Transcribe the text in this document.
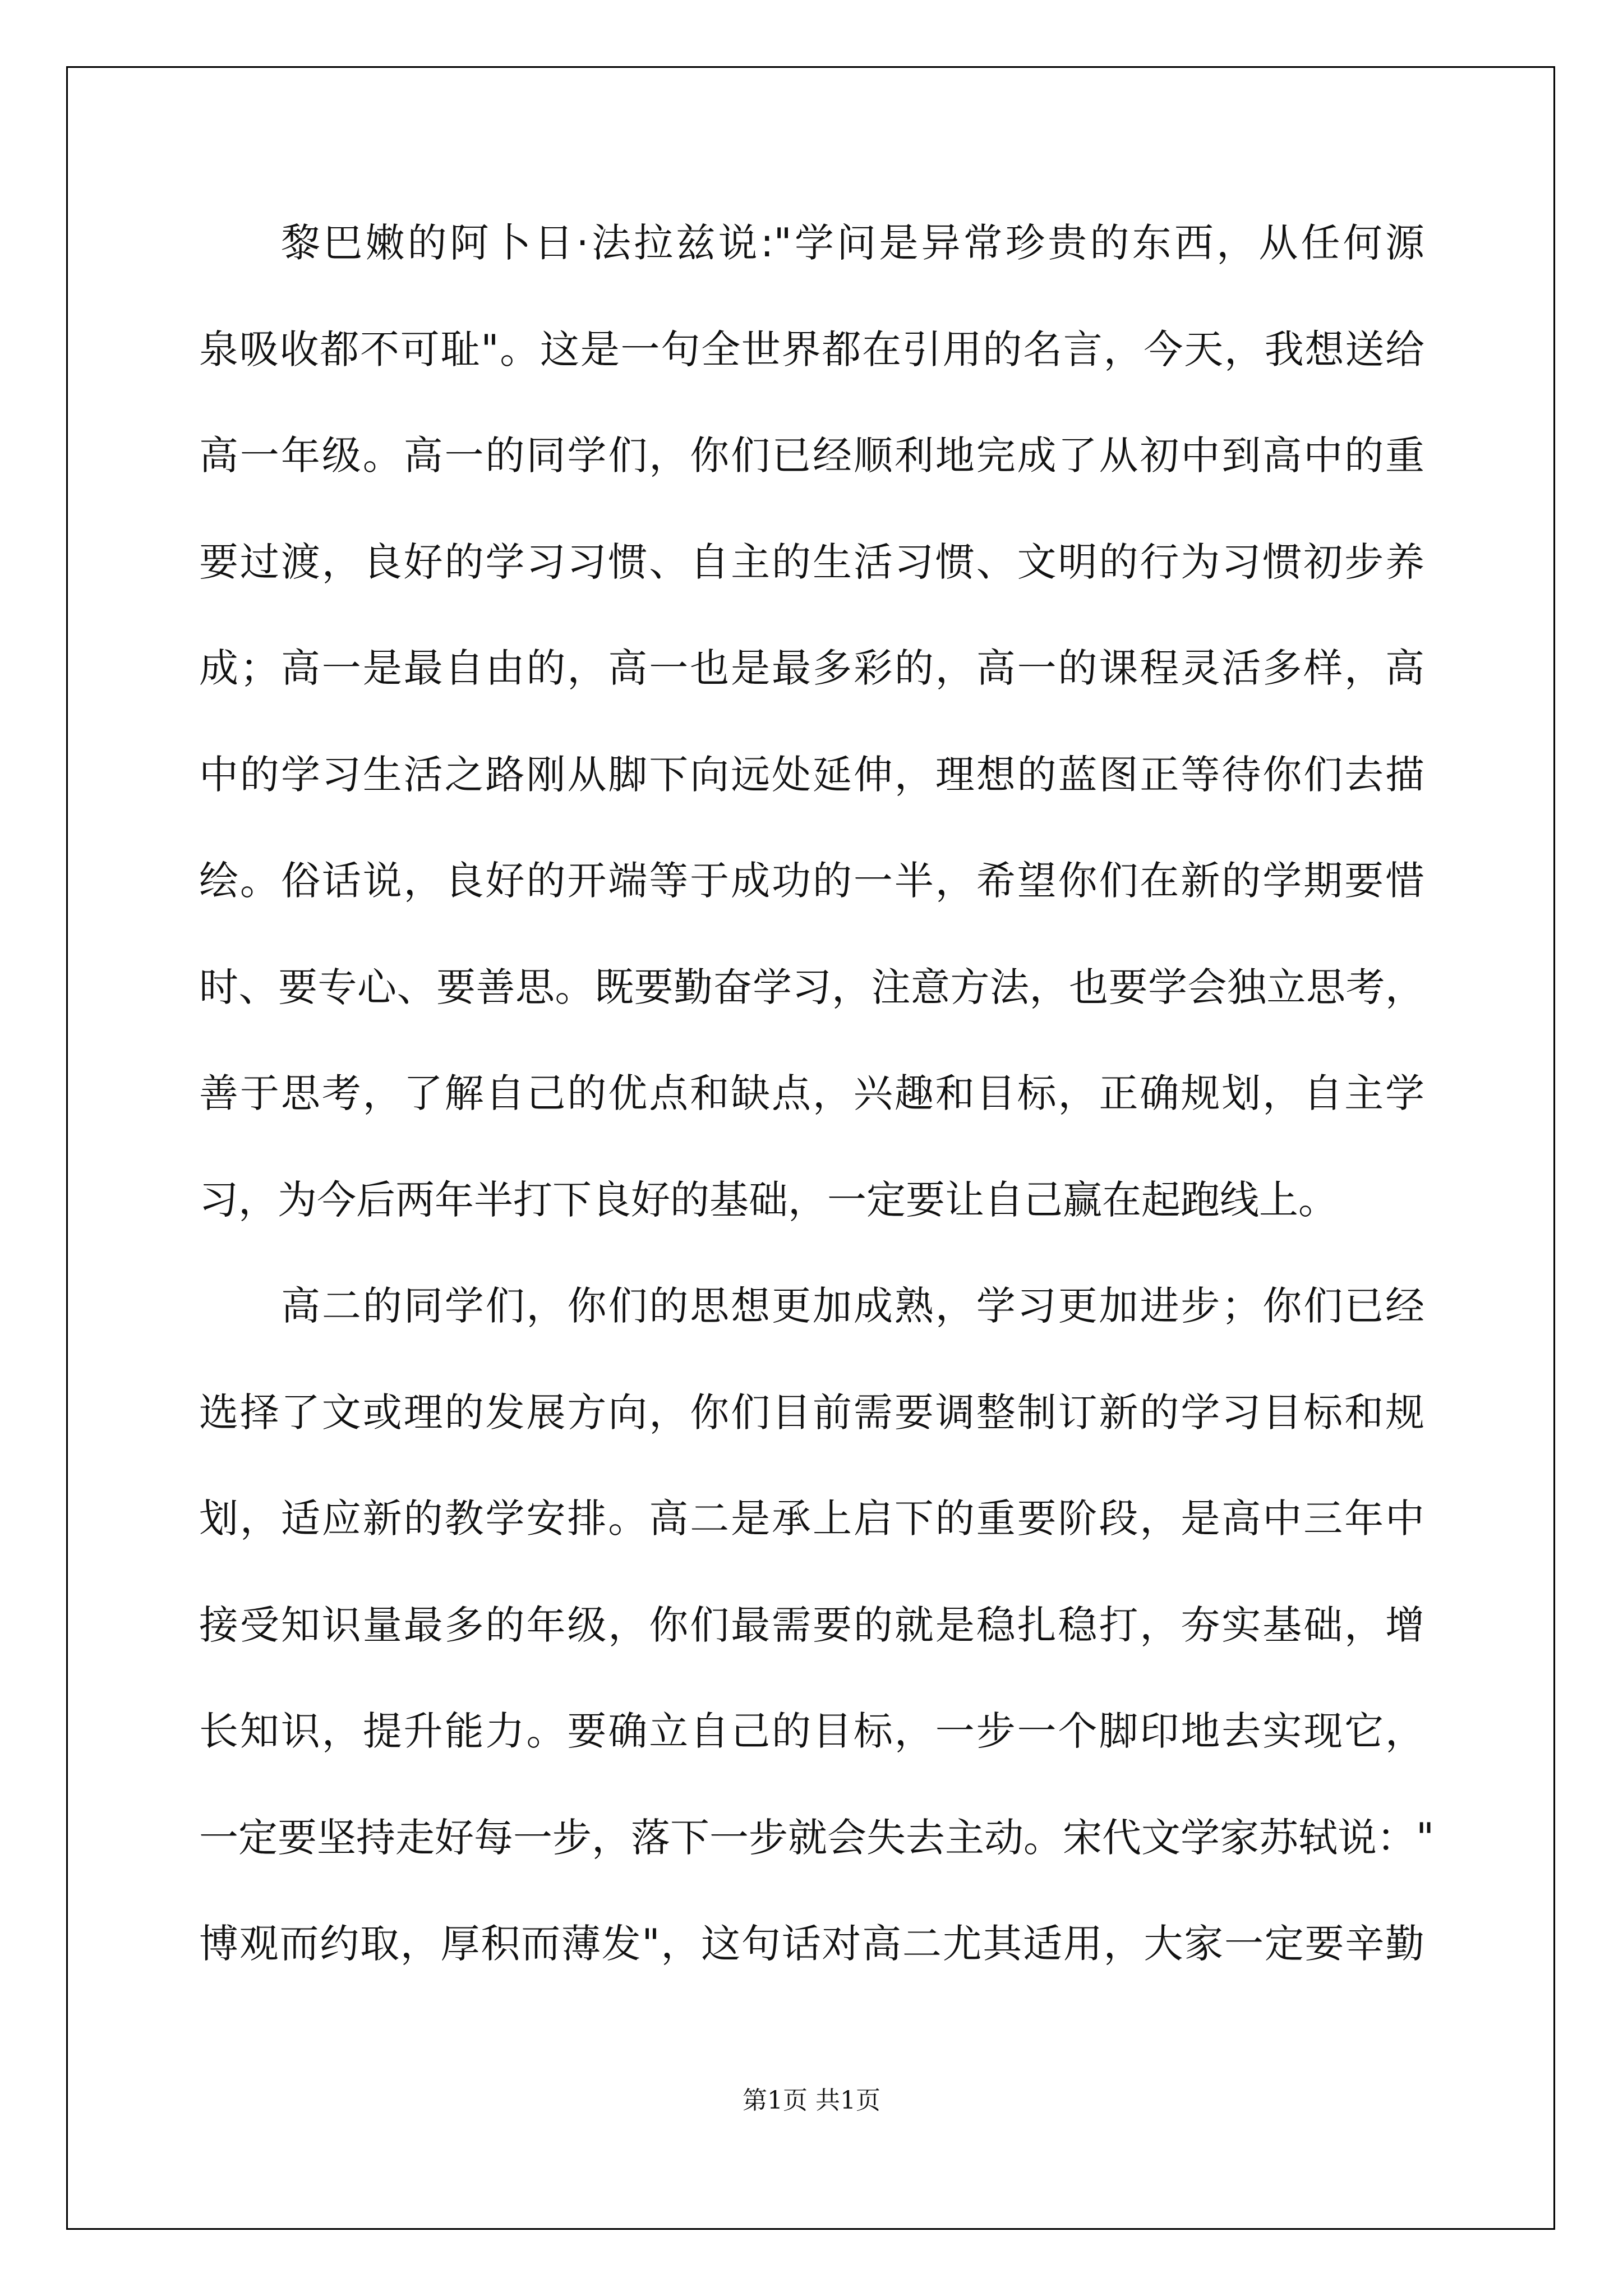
黎巴嫩的阿卜日·法拉兹说:"学问是异常珍贵的东西，从任何源
泉吸收都不可耻"。这是一句全世界都在引用的名言，今天，我想送给
高一年级。高一的同学们，你们已经顺利地完成了从初中到高中的重
要过渡，良好的学习习惯、自主的生活习惯、文明的行为习惯初步养
成；高一是最自由的，高一也是最多彩的，高一的课程灵活多样，高
中的学习生活之路刚从脚下向远处延伸，理想的蓝图正等待你们去描
绘。俗话说，良好的开端等于成功的一半，希望你们在新的学期要惜
时、要专心、要善思。既要勤奋学习，注意方法，也要学会独立思考，
善于思考，了解自己的优点和缺点，兴趣和目标，正确规划，自主学
习，为今后两年半打下良好的基础，一定要让自己赢在起跑线上。
高二的同学们，你们的思想更加成熟，学习更加进步；你们已经
选择了文或理的发展方向，你们目前需要调整制订新的学习目标和规
划，适应新的教学安排。高二是承上启下的重要阶段，是高中三年中
接受知识量最多的年级，你们最需要的就是稳扎稳打，夯实基础，增
长知识，提升能力。要确立自己的目标，一步一个脚印地去实现它，
一定要坚持走好每一步，落下一步就会失去主动。宋代文学家苏轼说："
博观而约取，厚积而薄发"，这句话对高二尤其适用，大家一定要辛勤
第1页 共1页
